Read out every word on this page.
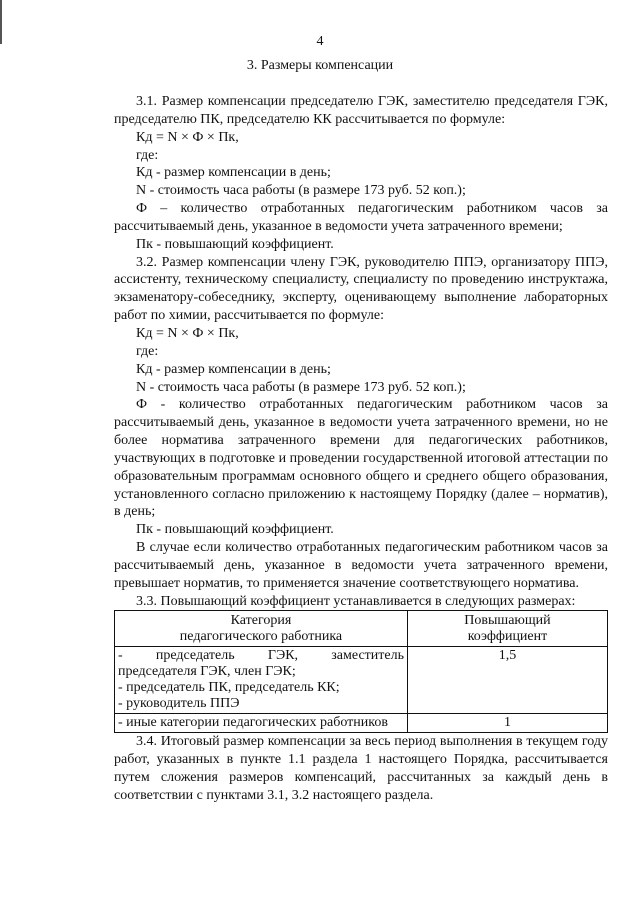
4
3. Размеры компенсации

3.1. Размер компенсации председателю ГЭК, заместителю председателя ГЭК, председателю ПК, председателю КК рассчитывается по формуле:

Кд = N × Ф × Пк,

где:

Кд - размер компенсации в день;

N - стоимость часа работы (в размере 173 руб. 52 коп.);

Ф – количество отработанных педагогическим работником часов за рассчитываемый день, указанное в ведомости учета затраченного времени;

Пк - повышающий коэффициент.

3.2. Размер компенсации члену ГЭК, руководителю ППЭ, организатору ППЭ, ассистенту, техническому специалисту, специалисту по проведению инструктажа, экзаменатору-собеседнику, эксперту, оценивающему выполнение лабораторных работ по химии, рассчитывается по формуле:

Кд = N × Ф × Пк,

где:

Кд - размер компенсации в день;

N - стоимость часа работы (в размере 173 руб. 52 коп.);

Ф - количество отработанных педагогическим работником часов за рассчитываемый день, указанное в ведомости учета затраченного времени, но не более норматива затраченного времени для педагогических работников, участвующих в подготовке и проведении государственной итоговой аттестации по образовательным программам основного общего и среднего общего образования, установленного согласно приложению к настоящему Порядку (далее – норматив), в день;

Пк - повышающий коэффициент.

В случае если количество отработанных педагогическим работником часов за рассчитываемый день, указанное в ведомости учета затраченного времени, превышает норматив, то применяется значение соответствующего норматива.

3.3. Повышающий коэффициент устанавливается в следующих размерах:

Категория
педагогического работника	Повышающий
коэффициент

- председатель ГЭК, заместитель
председателя ГЭК, член ГЭК;
- председатель ПК, председатель КК;
- руководитель ППЭ	1,5

- иные категории педагогических работников	1

3.4. Итоговый размер компенсации за весь период выполнения в текущем году работ, указанных в пункте 1.1 раздела 1 настоящего Порядка, рассчитывается путем сложения размеров компенсаций, рассчитанных за каждый день в соответствии с пунктами 3.1, 3.2 настоящего раздела.
